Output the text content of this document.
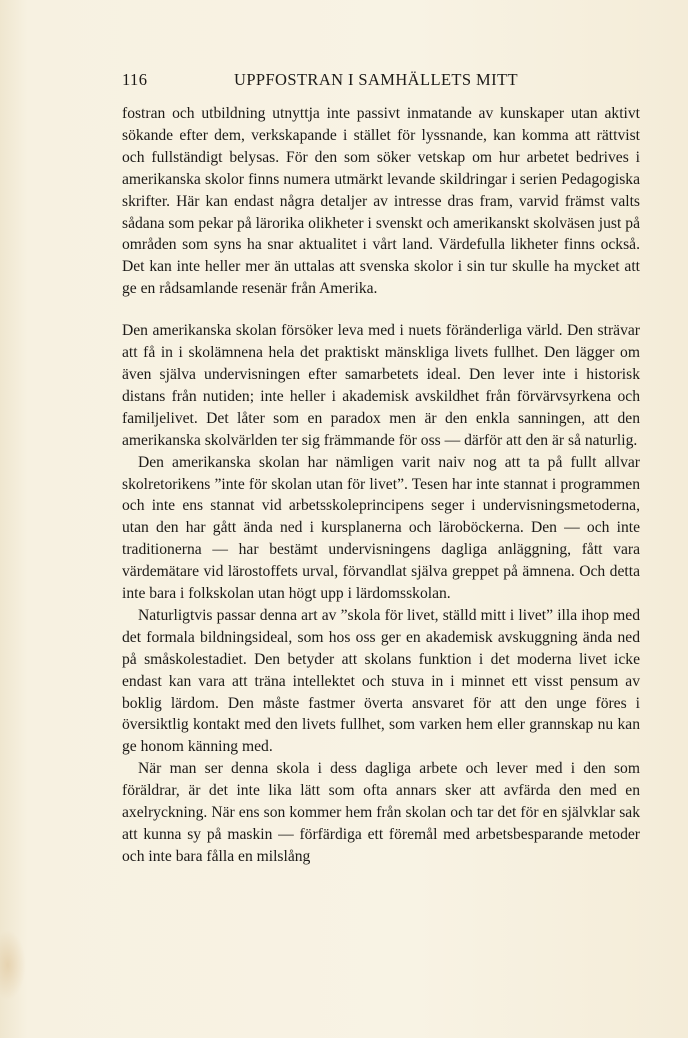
116	UPPFOSTRAN I SAMHÄLLETS MITT

fostran och utbildning utnyttja inte passivt inmatande av kunskaper utan aktivt sökande efter dem, verkskapande i stället för lyssnande, kan komma att rättvist och fullständigt belysas. För den som söker vetskap om hur arbetet bedrives i amerikanska skolor finns numera utmärkt levande skildringar i serien Pedagogiska skrifter. Här kan endast några detaljer av intresse dras fram, varvid främst valts sådana som pekar på lärorika olikheter i svenskt och amerikanskt skolväsen just på områden som syns ha snar aktualitet i vårt land. Värdefulla likheter finns också. Det kan inte heller mer än uttalas att svenska skolor i sin tur skulle ha mycket att ge en rådsamlande resenär från Amerika.

Den amerikanska skolan försöker leva med i nuets föränderliga värld. Den strävar att få in i skolämnena hela det praktiskt mänskliga livets fullhet. Den lägger om även själva undervisningen efter samarbetets ideal. Den lever inte i historisk distans från nutiden; inte heller i akademisk avskildhet från förvärvsyrkena och familjelivet. Det låter som en paradox men är den enkla sanningen, att den amerikanska skolvärlden ter sig främmande för oss — därför att den är så naturlig.

Den amerikanska skolan har nämligen varit naiv nog att ta på fullt allvar skolretorikens ”inte för skolan utan för livet”. Tesen har inte stannat i programmen och inte ens stannat vid arbetsskoleprincipens seger i undervisningsmetoderna, utan den har gått ända ned i kursplanerna och läroböckerna. Den — och inte traditionerna — har bestämt undervisningens dagliga anläggning, fått vara värdemätare vid lärostoffets urval, förvandlat själva greppet på ämnena. Och detta inte bara i folkskolan utan högt upp i lärdomsskolan.

Naturligtvis passar denna art av ”skola för livet, ställd mitt i livet” illa ihop med det formala bildningsideal, som hos oss ger en akademisk avskuggning ända ned på småskolestadiet. Den betyder att skolans funktion i det moderna livet icke endast kan vara att träna intellektet och stuva in i minnet ett visst pensum av boklig lärdom. Den måste fastmer överta ansvaret för att den unge föres i översiktlig kontakt med den livets fullhet, som varken hem eller grannskap nu kan ge honom känning med.

När man ser denna skola i dess dagliga arbete och lever med i den som föräldrar, är det inte lika lätt som ofta annars sker att avfärda den med en axelryckning. När ens son kommer hem från skolan och tar det för en självklar sak att kunna sy på maskin — förfärdiga ett föremål med arbetsbesparande metoder och inte bara fålla en milslång
